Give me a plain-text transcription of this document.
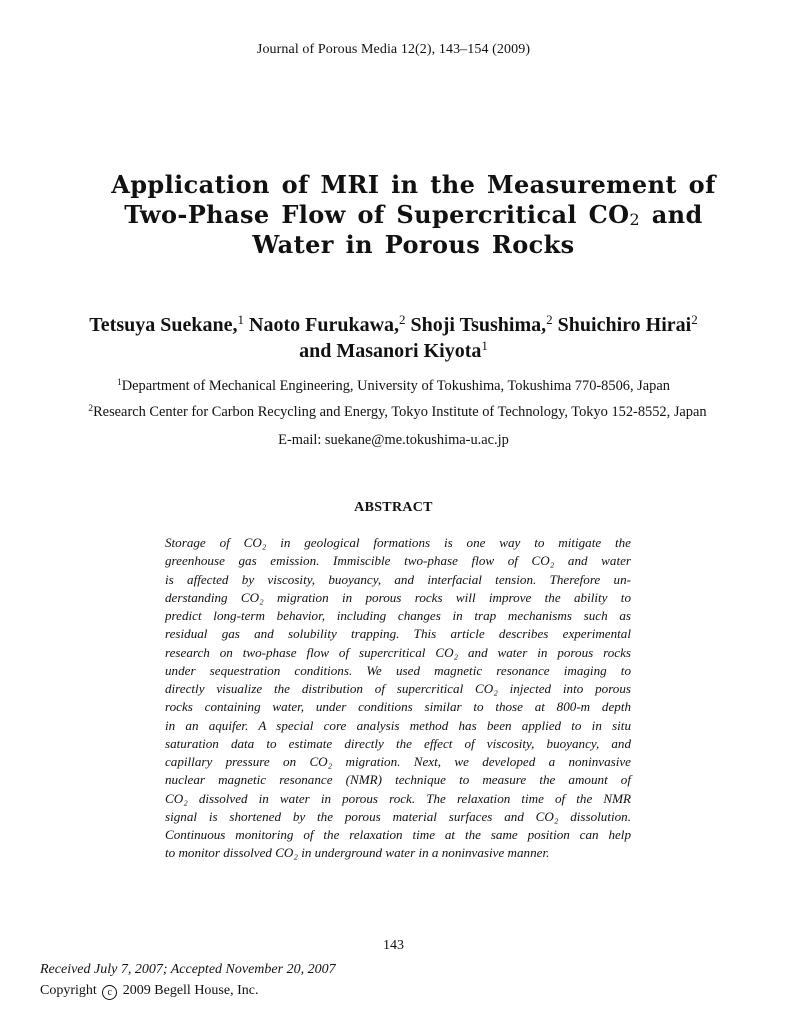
Journal of Porous Media 12(2), 143–154 (2009)
Application of MRI in the Measurement of
Two-Phase Flow of Supercritical $CO_2$ and
Water in Porous Rocks
Tetsuya Suekane,$^1$ Naoto Furukawa,$^2$ Shoji Tsushima,$^2$ Shuichiro Hirai$^2$
and Masanori Kiyota$^1$
$^1$Department of Mechanical Engineering, University of Tokushima, Tokushima 770-8506, Japan
$^2$Research Center for Carbon Recycling and Energy, Tokyo Institute of Technology, Tokyo 152-8552, Japan
E-mail: suekane@me.tokushima-u.ac.jp
ABSTRACT
Storage of CO₂ in geological formations is one way to mitigate the
greenhouse gas emission. Immiscible two-phase flow of CO₂ and water
is affected by viscosity, buoyancy, and interfacial tension. Therefore un-
derstanding CO₂ migration in porous rocks will improve the ability to
predict long-term behavior, including changes in trap mechanisms such as
residual gas and solubility trapping. This article describes experimental
research on two-phase flow of supercritical CO₂ and water in porous rocks
under sequestration conditions. We used magnetic resonance imaging to
directly visualize the distribution of supercritical CO₂ injected into porous
rocks containing water, under conditions similar to those at 800-m depth
in an aquifer. A special core analysis method has been applied to in situ
saturation data to estimate directly the effect of viscosity, buoyancy, and
capillary pressure on CO₂ migration. Next, we developed a noninvasive
nuclear magnetic resonance (NMR) technique to measure the amount of
CO₂ dissolved in water in porous rock. The relaxation time of the NMR
signal is shortened by the porous material surfaces and CO₂ dissolution.
Continuous monitoring of the relaxation time at the same position can help
to monitor dissolved CO₂ in underground water in a noninvasive manner.
143
Received July 7, 2007; Accepted November 20, 2007
Copyright c 2009 Begell House, Inc.
